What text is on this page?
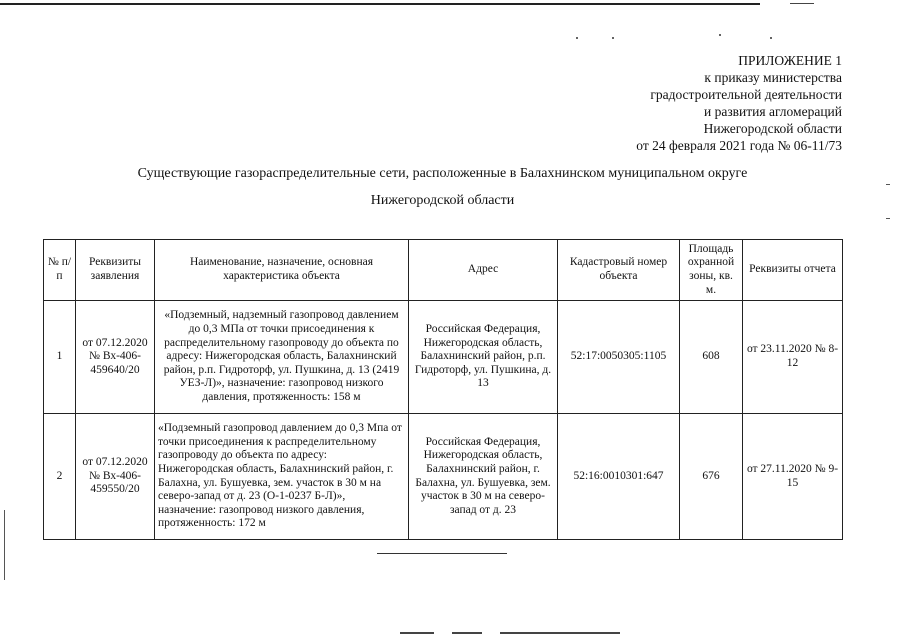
ПРИЛОЖЕНИЕ 1
к приказу министерства
градостроительной деятельности
и развития агломераций
Нижегородской области
от 24 февраля 2021 года № 06-11/73
Существующие газораспределительные сети, расположенные в Балахнинском муниципальном округе
Нижегородской области
№ п/п	Реквизиты заявления	Наименование, назначение, основная характеристика объекта	Адрес	Кадастровый номер объекта	Площадь охранной зоны, кв. м.	Реквизиты отчета
1	от 07.12.2020 № Вх-406-459640/20	«Подземный, надземный газопровод давлением до 0,3 МПа от точки присоединения к распределительному газопроводу до объекта по адресу: Нижегородская область, Балахнинский район, р.п. Гидроторф, ул. Пушкина, д. 13 (2419 УЕЗ-Л)», назначение: газопровод низкого давления, протяженность: 158 м	Российская Федерация, Нижегородская область, Балахнинский район, р.п. Гидроторф, ул. Пушкина, д. 13	52:17:0050305:1105	608	от 23.11.2020 № 8-12
2	от 07.12.2020 № Вх-406-459550/20	«Подземный газопровод давлением до 0,3 Мпа от точки присоединения к распределительному газопроводу до объекта по адресу: Нижегородская область, Балахнинский район, г. Балахна, ул. Бушуевка, зем. участок в 30 м на северо-запад от д. 23 (О-1-0237 Б-Л)», назначение: газопровод низкого давления, протяженность: 172 м	Российская Федерация, Нижегородская область, Балахнинский район, г. Балахна, ул. Бушуевка, зем. участок в 30 м на северо-запад от д. 23	52:16:0010301:647	676	от 27.11.2020 № 9-15
